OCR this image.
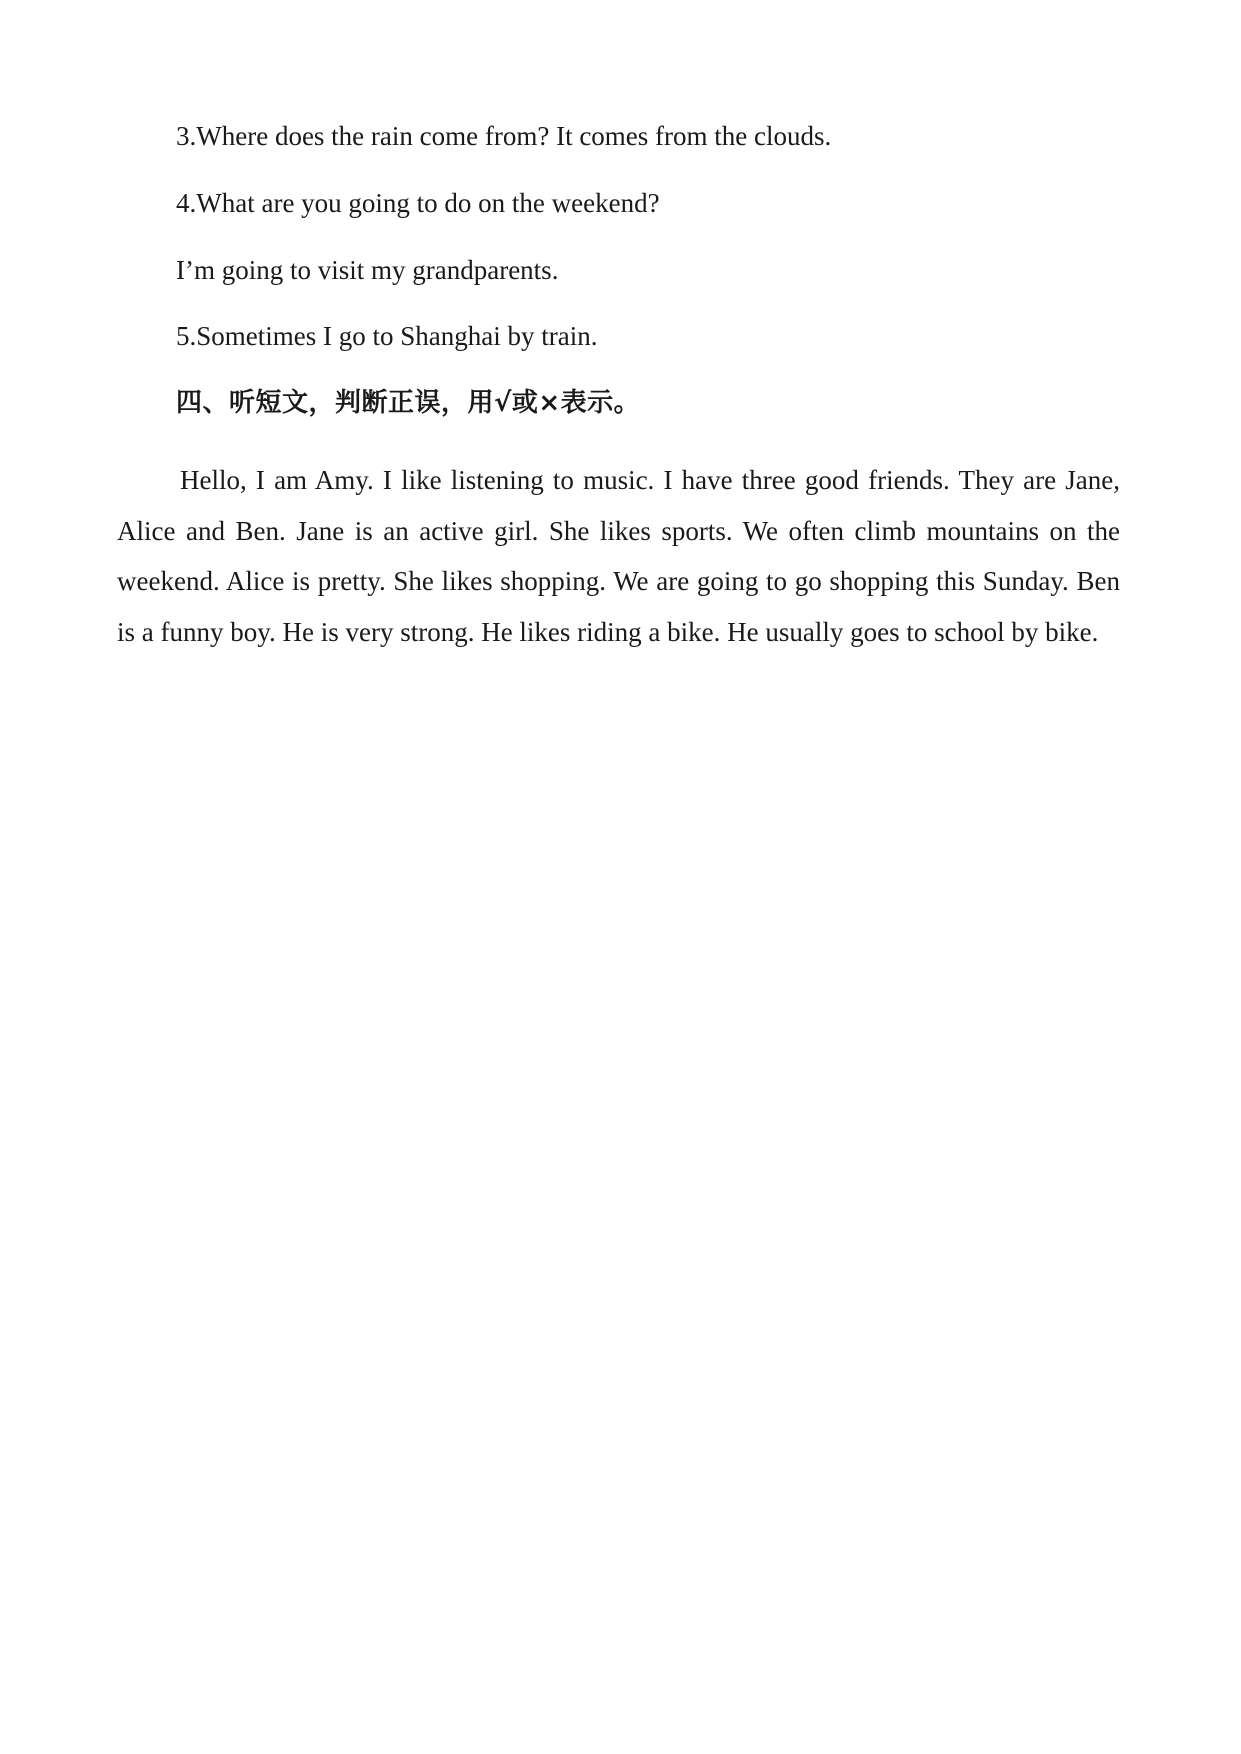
3.Where does the rain come from? It comes from the clouds.
4.What are you going to do on the weekend?
I’m going to visit my grandparents.
5.Sometimes I go to Shanghai by train.
四、听短文，判断正误，用√或×表示。

Hello, I am Amy. I like listening to music. I have three good friends. They are Jane, Alice and Ben. Jane is an active girl. She likes sports. We often climb mountains on the weekend. Alice is pretty. She likes shopping. We are going to go shopping this Sunday. Ben is a funny boy. He is very strong. He likes riding a bike. He usually goes to school by bike.
